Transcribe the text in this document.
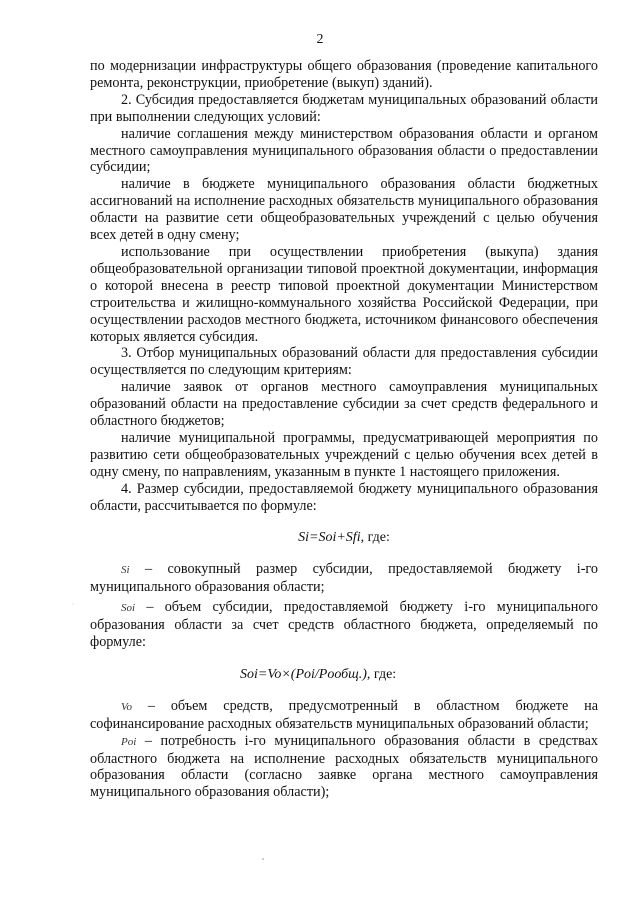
2

по модернизации инфраструктуры общего образования (проведение капитального ремонта, реконструкции, приобретение (выкуп) зданий).

2. Субсидия предоставляется бюджетам муниципальных образований области при выполнении следующих условий:

наличие соглашения между министерством образования области и органом местного самоуправления муниципального образования области о предоставлении субсидии;

наличие в бюджете муниципального образования области бюджетных ассигнований на исполнение расходных обязательств муниципального образования области на развитие сети общеобразовательных учреждений с целью обучения всех детей в одну смену;

использование при осуществлении приобретения (выкупа) здания общеобразовательной организации типовой проектной документации, информация о которой внесена в реестр типовой проектной документации Министерством строительства и жилищно-коммунального хозяйства Российской Федерации, при осуществлении расходов местного бюджета, источником финансового обеспечения которых является субсидия.

3. Отбор муниципальных образований области для предоставления субсидии осуществляется по следующим критериям:

наличие заявок от органов местного самоуправления муниципальных образований области на предоставление субсидии за счет средств федерального и областного бюджетов;

наличие муниципальной программы, предусматривающей мероприятия по развитию сети общеобразовательных учреждений с целью обучения всех детей в одну смену, по направлениям, указанным в пункте 1 настоящего приложения.

4. Размер субсидии, предоставляемой бюджету муниципального образования области, рассчитывается по формуле:

Si=Soi+Sfi, где:

Si – совокупный размер субсидии, предоставляемой бюджету i-го муниципального образования области;

Soi – объем субсидии, предоставляемой бюджету i-го муниципального образования области за счет средств областного бюджета, определяемый по формуле:

Soi=Vo×(Poi/Pообщ.), где:

Vo – объем средств, предусмотренный в областном бюджете на софинансирование расходных обязательств муниципальных образований области;

Poi – потребность i-го муниципального образования области в средствах областного бюджета на исполнение расходных обязательств муниципального образования области (согласно заявке органа местного самоуправления муниципального образования области);

°
·
